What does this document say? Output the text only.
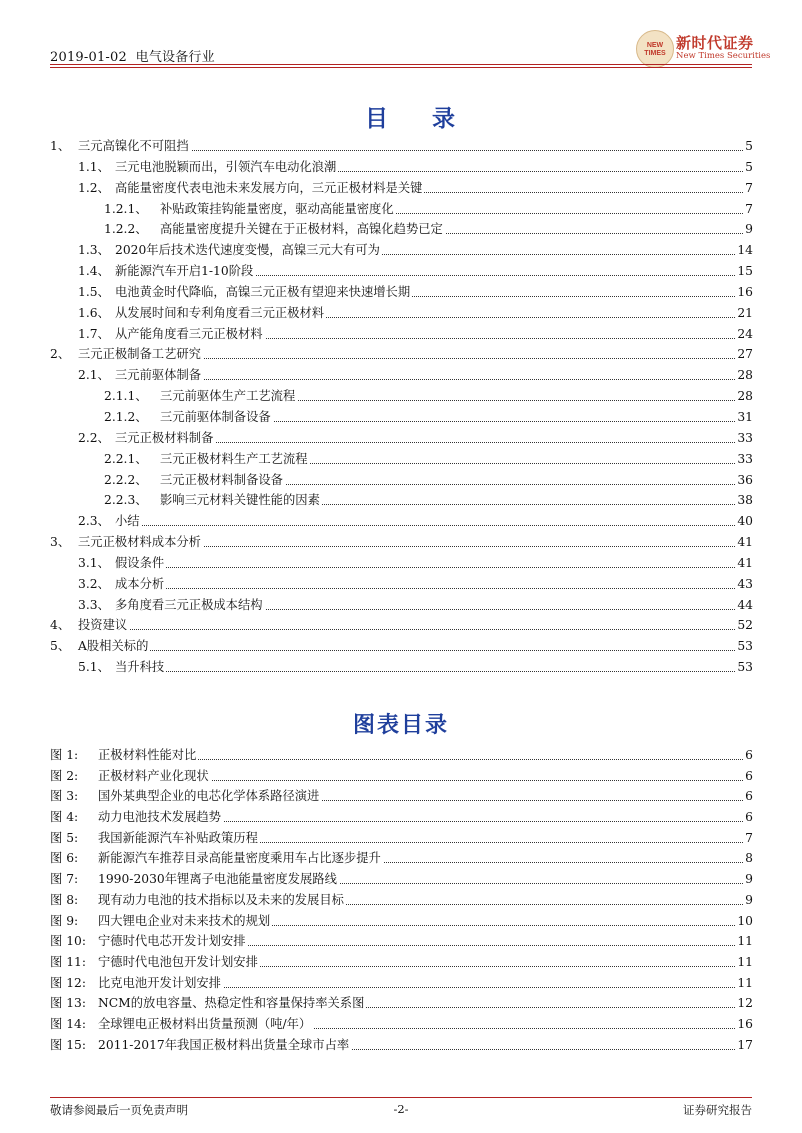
2019-01-02 电气设备行业
NEW
TIMES
新时代证券
New Times Securities
目 录
1、 三元高镍化不可阻挡	5
1.1、 三元电池脱颖而出，引领汽车电动化浪潮	5
1.2、 高能量密度代表电池未来发展方向，三元正极材料是关键	7
1.2.1、 补贴政策挂钩能量密度，驱动高能量密度化	7
1.2.2、 高能量密度提升关键在于正极材料，高镍化趋势已定	9
1.3、 2020年后技术迭代速度变慢，高镍三元大有可为	14
1.4、 新能源汽车开启1-10阶段	15
1.5、 电池黄金时代降临，高镍三元正极有望迎来快速增长期	16
1.6、 从发展时间和专利角度看三元正极材料	21
1.7、 从产能角度看三元正极材料	24
2、 三元正极制备工艺研究	27
2.1、 三元前驱体制备	28
2.1.1、 三元前驱体生产工艺流程	28
2.1.2、 三元前驱体制备设备	31
2.2、 三元正极材料制备	33
2.2.1、 三元正极材料生产工艺流程	33
2.2.2、 三元正极材料制备设备	36
2.2.3、 影响三元材料关键性能的因素	38
2.3、 小结	40
3、 三元正极材料成本分析	41
3.1、 假设条件	41
3.2、 成本分析	43
3.3、 多角度看三元正极成本结构	44
4、 投资建议	52
5、 A股相关标的	53
5.1、 当升科技	53
图表目录
图 1: 正极材料性能对比	6
图 2: 正极材料产业化现状	6
图 3: 国外某典型企业的电芯化学体系路径演进	6
图 4: 动力电池技术发展趋势	6
图 5: 我国新能源汽车补贴政策历程	7
图 6: 新能源汽车推荐目录高能量密度乘用车占比逐步提升	8
图 7: 1990-2030年锂离子电池能量密度发展路线	9
图 8: 现有动力电池的技术指标以及未来的发展目标	9
图 9: 四大锂电企业对未来技术的规划	10
图 10: 宁德时代电芯开发计划安排	11
图 11: 宁德时代电池包开发计划安排	11
图 12: 比克电池开发计划安排	11
图 13: NCM的放电容量、热稳定性和容量保持率关系图	12
图 14: 全球锂电正极材料出货量预测（吨/年）	16
图 15: 2011-2017年我国正极材料出货量全球市占率	17
敬请参阅最后一页免责声明	-2-	证券研究报告
